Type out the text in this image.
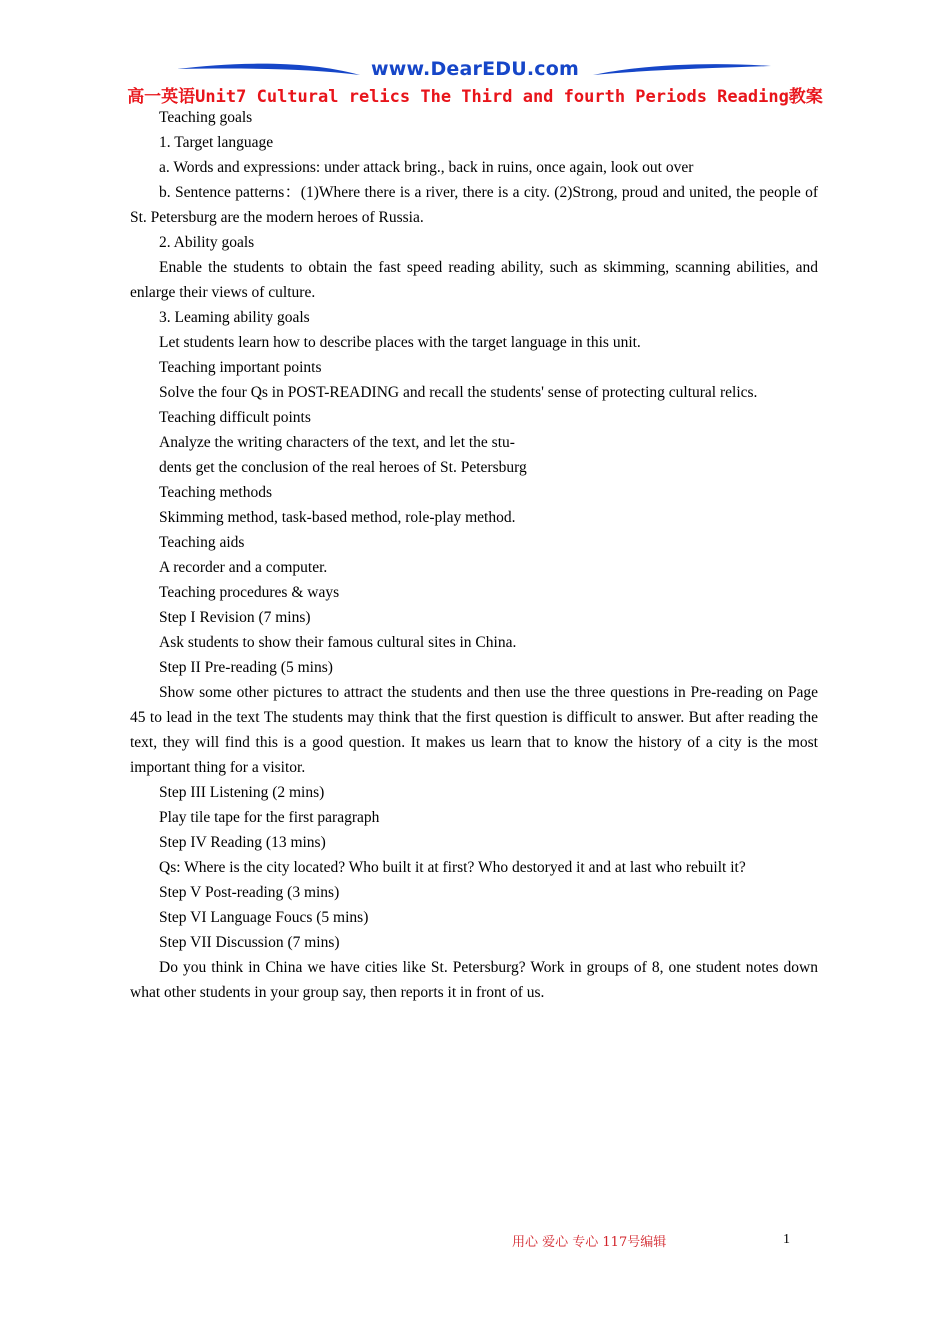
www.DearEDU.com
高一英语Unit7 Cultural relics The Third and fourth Periods Reading教案

Teaching goals

1. Target language

a. Words and expressions: under attack bring., back in ruins, once again, look out over

b. Sentence patterns：(1)Where there is a river, there is a city. (2)Strong, proud and united, the people of St. Petersburg are the modern heroes of Russia.

2. Ability goals

Enable the students to obtain the fast speed reading ability, such as skimming, scanning abilities, and enlarge their views of culture.

3. Leaming ability goals

Let students learn how to describe places with the target language in this unit.

Teaching important points

Solve the four Qs in POST-READING and recall the students' sense of protecting cultural relics.

Teaching difficult points

Analyze the writing characters of the text, and let the stu-

dents get the conclusion of the real heroes of St. Petersburg

Teaching methods

Skimming method, task-based method, role-play method.

Teaching aids

A recorder and a computer.

Teaching procedures & ways

Step I Revision (7 mins)

Ask students to show their famous cultural sites in China.

Step II Pre-reading (5 mins)

Show some other pictures to attract the students and then use the three questions in Pre-reading on Page 45 to lead in the text The students may think that the first question is difficult to answer. But after reading the text, they will find this is a good question. It makes us learn that to know the history of a city is the most important thing for a visitor.

Step III Listening (2 mins)

Play tile tape for the first paragraph

Step IV Reading (13 mins)

Qs: Where is the city located? Who built it at first? Who destoryed it and at last who rebuilt it?

Step V Post-reading (3 mins)

Step VI Language Foucs (5 mins)

Step VII Discussion (7 mins)

Do you think in China we have cities like St. Petersburg? Work in groups of 8, one student notes down what other students in your group say, then reports it in front of us.

用心 爱心 专心 117号编辑	1
